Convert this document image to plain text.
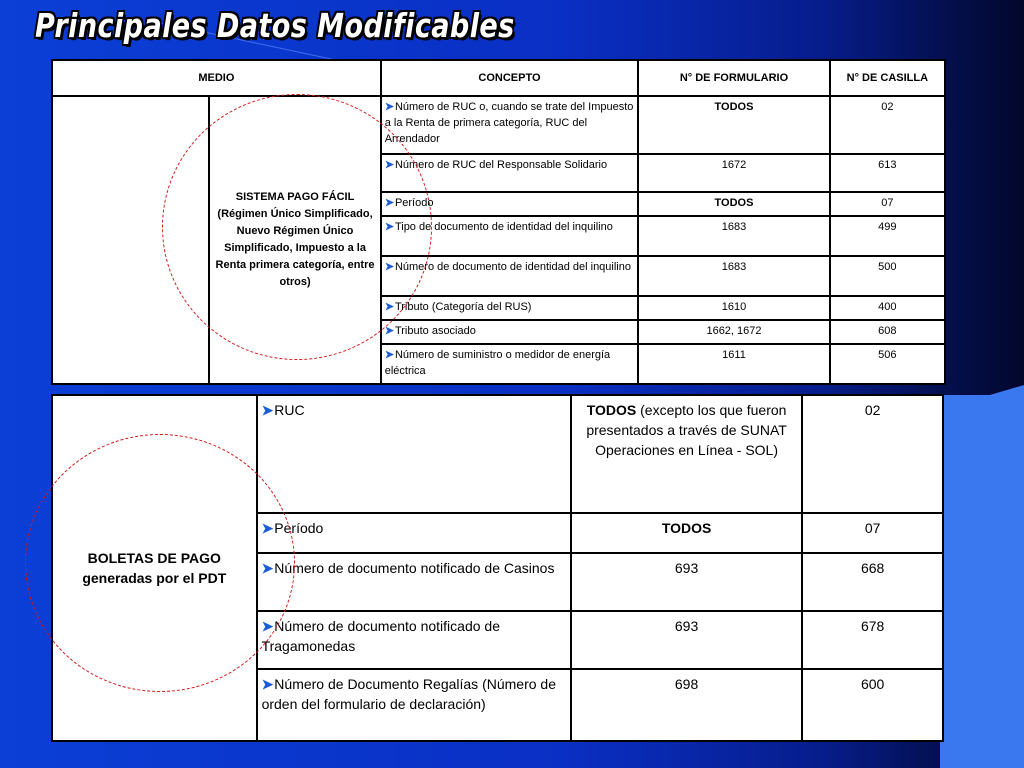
Principales Datos Modificables
MEDIO		CONCEPTO	N° DE FORMULARIO	N° DE CASILLA
	SISTEMA PAGO FÁCIL (Régimen Único Simplificado, Nuevo Régimen Único Simplificado, Impuesto a la Renta primera categoría, entre otros)	➤Número de RUC o, cuando se trate del Impuesto a la Renta de primera categoría, RUC del Arrendador	TODOS	02
		➤Número de RUC del Responsable Solidario	1672	613
		➤Período	TODOS	07
		➤Tipo de documento de identidad del inquilino	1683	499
		➤Número de documento de identidad del inquilino	1683	500
		➤Tributo (Categoría del RUS)	1610	400
		➤Tributo asociado	1662, 1672	608
		➤Número de suministro o medidor de energía eléctrica	1611	506
BOLETAS DE PAGO generadas por el PDT	➤RUC	TODOS (excepto los que fueron presentados a través de SUNAT Operaciones en Línea - SOL)	02
	➤Período	TODOS	07
	➤Número de documento notificado de Casinos	693	668
	➤Número de documento notificado de Tragamonedas	693	678
	➤Número de Documento Regalías (Número de orden del formulario de declaración)	698	600
